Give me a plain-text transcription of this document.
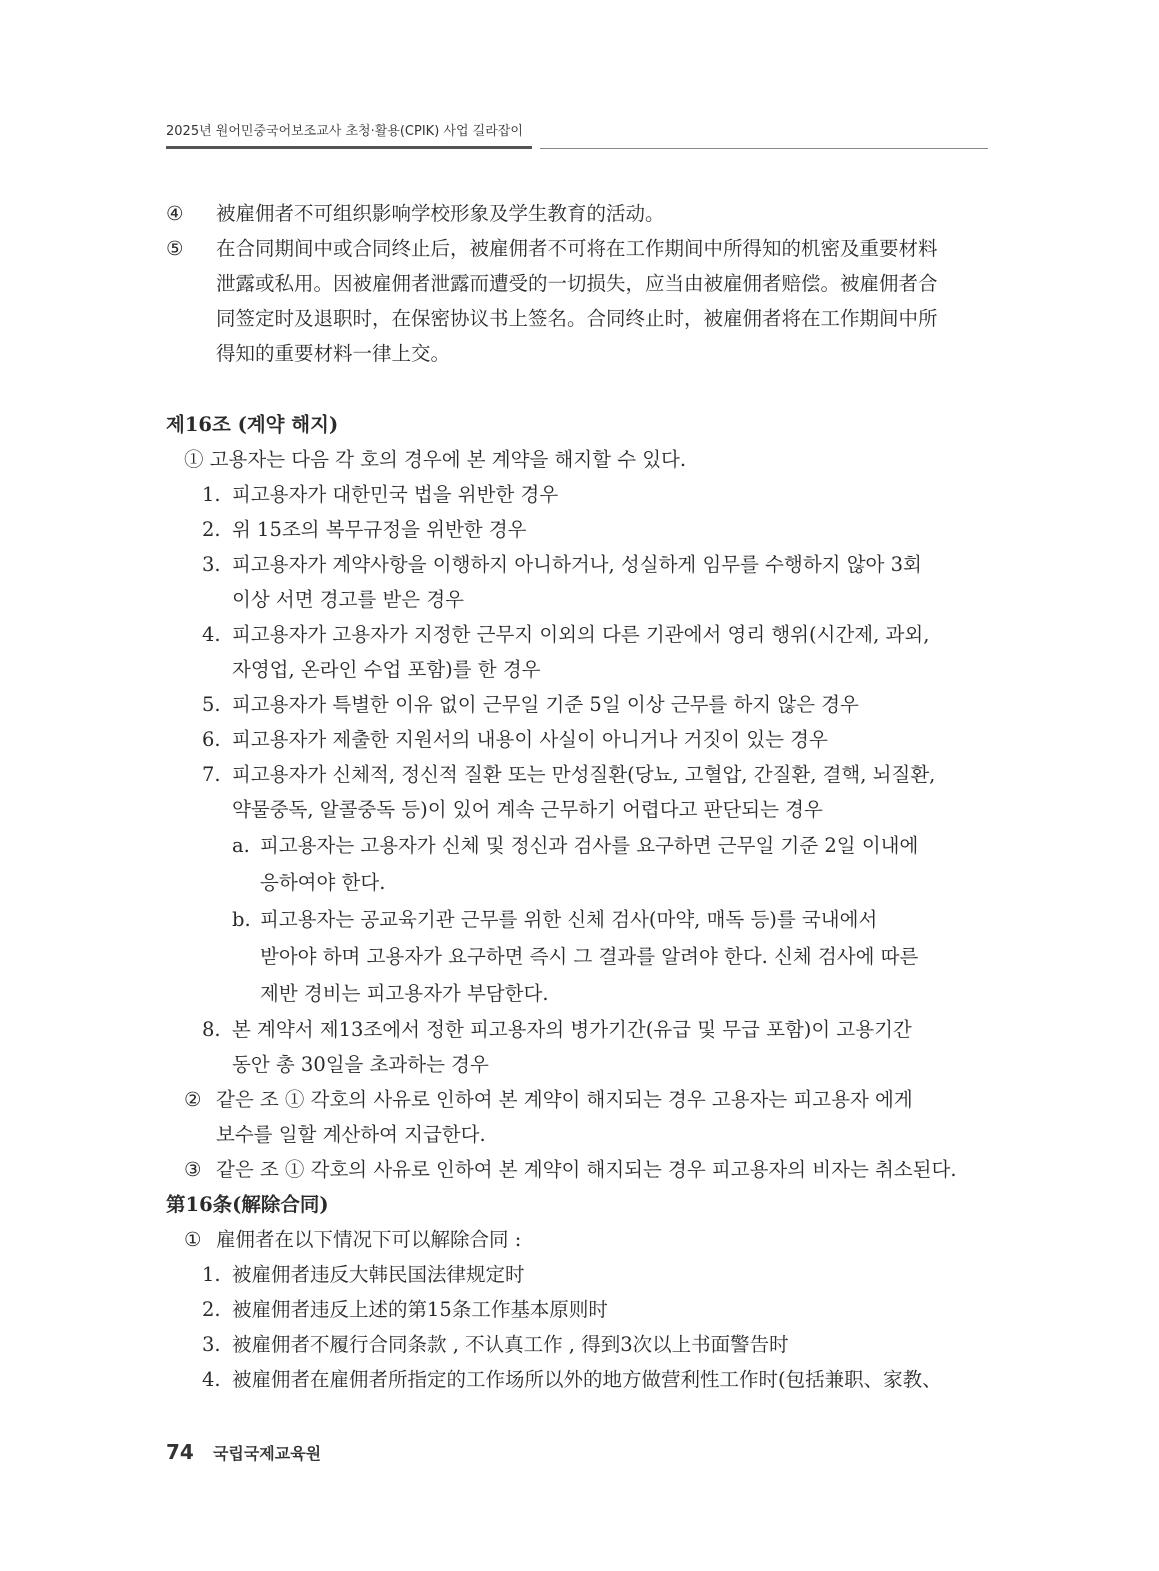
2025년 원어민중국어보조교사 초청·활용(CPIK) 사업 길라잡이
④ 被雇佣者不可组织影响学校形象及学生教育的活动。
⑤ 在合同期间中或合同终止后，被雇佣者不可将在工作期间中所得知的机密及重要材料
泄露或私用。因被雇佣者泄露而遭受的一切损失，应当由被雇佣者赔偿。被雇佣者合
同签定时及退职时，在保密协议书上签名。合同终止时，被雇佣者将在工作期间中所
得知的重要材料一律上交。
제16조 (계약 해지)
① 고용자는 다음 각 호의 경우에 본 계약을 해지할 수 있다.
1. 피고용자가 대한민국 법을 위반한 경우
2. 위 15조의 복무규정을 위반한 경우
3. 피고용자가 계약사항을 이행하지 아니하거나, 성실하게 임무를 수행하지 않아 3회
이상 서면 경고를 받은 경우
4. 피고용자가 고용자가 지정한 근무지 이외의 다른 기관에서 영리 행위(시간제, 과외,
자영업, 온라인 수업 포함)를 한 경우
5. 피고용자가 특별한 이유 없이 근무일 기준 5일 이상 근무를 하지 않은 경우
6. 피고용자가 제출한 지원서의 내용이 사실이 아니거나 거짓이 있는 경우
7. 피고용자가 신체적, 정신적 질환 또는 만성질환(당뇨, 고혈압, 간질환, 결핵, 뇌질환,
약물중독, 알콜중독 등)이 있어 계속 근무하기 어렵다고 판단되는 경우
a. 피고용자는 고용자가 신체 및 정신과 검사를 요구하면 근무일 기준 2일 이내에
응하여야 한다.
b. 피고용자는 공교육기관 근무를 위한 신체 검사(마약, 매독 등)를 국내에서
받아야 하며 고용자가 요구하면 즉시 그 결과를 알려야 한다. 신체 검사에 따른
제반 경비는 피고용자가 부담한다.
8. 본 계약서 제13조에서 정한 피고용자의 병가기간(유급 및 무급 포함)이 고용기간
동안 총 30일을 초과하는 경우
② 같은 조 ① 각호의 사유로 인하여 본 계약이 해지되는 경우 고용자는 피고용자 에게
보수를 일할 계산하여 지급한다.
③ 같은 조 ① 각호의 사유로 인하여 본 계약이 해지되는 경우 피고용자의 비자는 취소된다.
第16条(解除合同)
① 雇佣者在以下情况下可以解除合同 :
1. 被雇佣者违反大韩民国法律规定时
2. 被雇佣者违反上述的第15条工作基本原则时
3. 被雇佣者不履行合同条款 , 不认真工作 , 得到3次以上书面警告时
4. 被雇佣者在雇佣者所指定的工作场所以外的地方做营利性工作时(包括兼职、家教、
74 국립국제교육원
